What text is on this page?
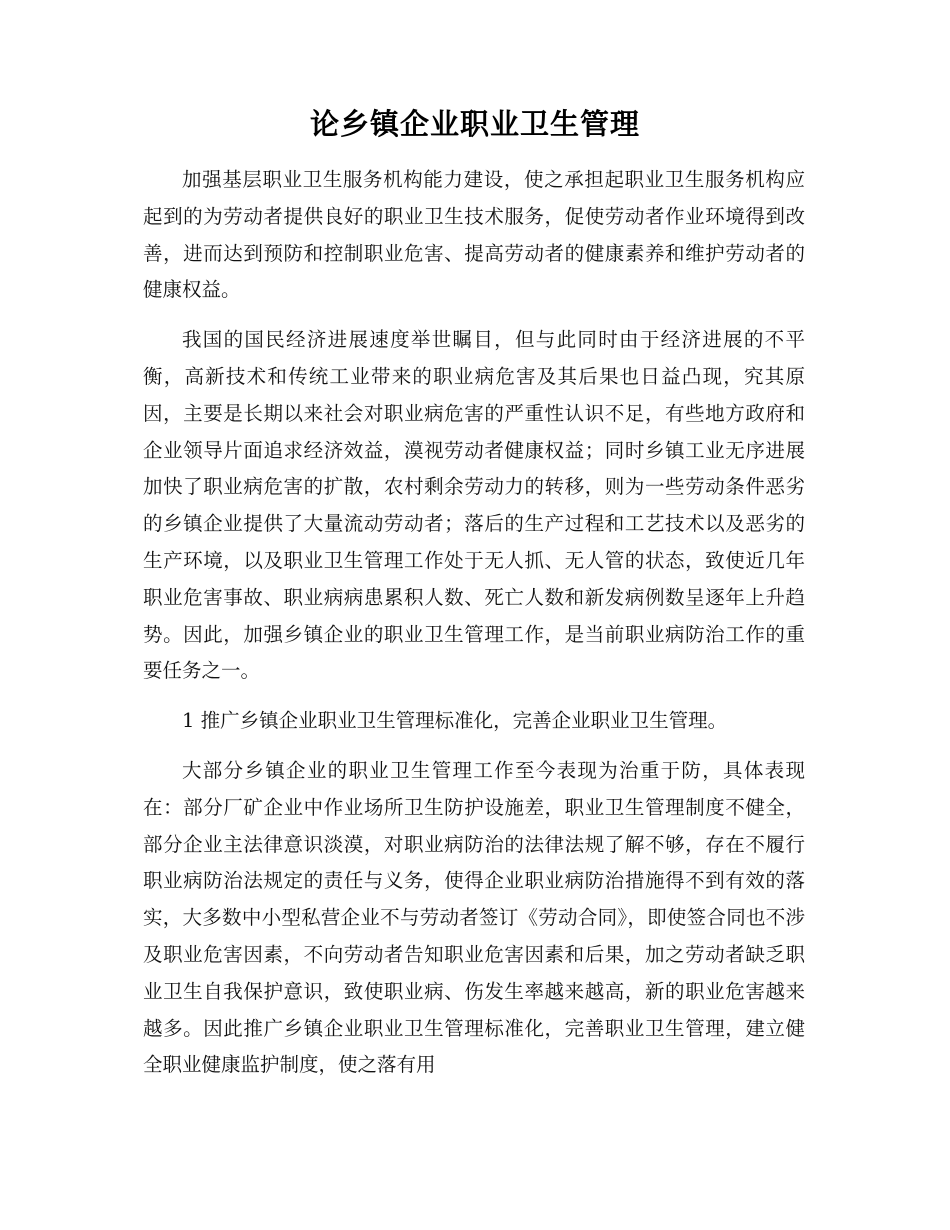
论乡镇企业职业卫生管理

加强基层职业卫生服务机构能力建设，使之承担起职业卫生服务机构应起到的为劳动者提供良好的职业卫生技术服务，促使劳动者作业环境得到改善，进而达到预防和控制职业危害、提高劳动者的健康素养和维护劳动者的健康权益。

我国的国民经济进展速度举世瞩目，但与此同时由于经济进展的不平衡，高新技术和传统工业带来的职业病危害及其后果也日益凸现，究其原因，主要是长期以来社会对职业病危害的严重性认识不足，有些地方政府和企业领导片面追求经济效益，漠视劳动者健康权益；同时乡镇工业无序进展加快了职业病危害的扩散，农村剩余劳动力的转移，则为一些劳动条件恶劣的乡镇企业提供了大量流动劳动者；落后的生产过程和工艺技术以及恶劣的生产环境，以及职业卫生管理工作处于无人抓、无人管的状态，致使近几年职业危害事故、职业病病患累积人数、死亡人数和新发病例数呈逐年上升趋势。因此，加强乡镇企业的职业卫生管理工作，是当前职业病防治工作的重要任务之一。

1 推广乡镇企业职业卫生管理标准化，完善企业职业卫生管理。

大部分乡镇企业的职业卫生管理工作至今表现为治重于防，具体表现在：部分厂矿企业中作业场所卫生防护设施差，职业卫生管理制度不健全，部分企业主法律意识淡漠，对职业病防治的法律法规了解不够，存在不履行职业病防治法规定的责任与义务，使得企业职业病防治措施得不到有效的落实，大多数中小型私营企业不与劳动者签订《劳动合同》，即使签合同也不涉及职业危害因素，不向劳动者告知职业危害因素和后果，加之劳动者缺乏职业卫生自我保护意识，致使职业病、伤发生率越来越高，新的职业危害越来越多。因此推广乡镇企业职业卫生管理标准化，完善职业卫生管理，建立健全职业健康监护制度，使之落有用
